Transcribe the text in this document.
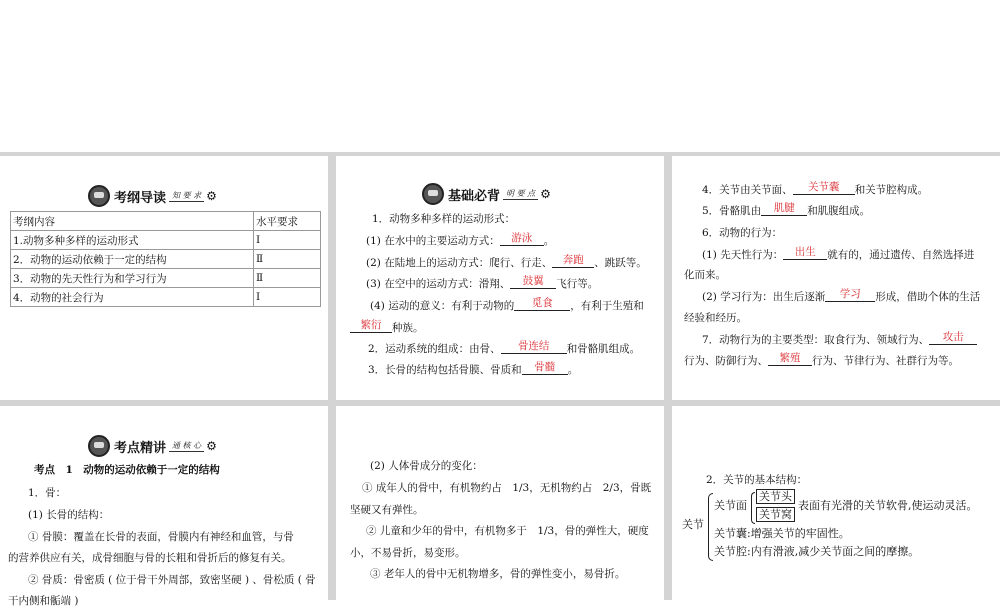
考纲导读 知 要 求 ⚙
考纲内容	水平要求
1.动物多种多样的运动形式	Ⅰ
2．动物的运动依赖于一定的结构	Ⅱ
3．动物的先天性行为和学习行为	Ⅱ
4．动物的社会行为	Ⅰ
基础必背 明 要 点 ⚙
1．动物多种多样的运动形式：
(1) 在水中的主要运动方式： 游泳 。
(2) 在陆地上的运动方式：爬行、行走、 奔跑 、跳跃等。
(3) 在空中的运动方式：滑翔、 鼓翼 飞行等。
(4) 运动的意义：有利于动物的 觅食 ，有利于生殖和
繁衍 种族。
2．运动系统的组成：由骨、 骨连结 和骨骼肌组成。
3．长骨的结构包括骨膜、骨质和 骨髓 。
4．关节由关节面、 关节囊 和关节腔构成。
5．骨骼肌由 肌腱 和肌腹组成。
6．动物的行为：
(1) 先天性行为： 出生 就有的，通过遗传、自然选择进
化而来。
(2) 学习行为：出生后逐渐 学习 形成，借助个体的生活
经验和经历。
7．动物行为的主要类型：取食行为、领域行为、 攻击
行为、防御行为、 繁殖 行为、节律行为、社群行为等。
考点精讲 通 核 心 ⚙
考点　1　动物的运动依赖于一定的结构
1．骨：
(1) 长骨的结构：
① 骨膜：覆盖在长骨的表面，骨膜内有神经和血管，与骨
的营养供应有关，成骨细胞与骨的长粗和骨折后的修复有关。
② 骨质：骨密质 ( 位于骨干外周部，致密坚硬 ) 、骨松质 ( 骨
干内侧和骺端 )
(2) 人体骨成分的变化：
① 成年人的骨中，有机物约占　1/3，无机物约占　2/3，骨既
坚硬又有弹性。
② 儿童和少年的骨中，有机物多于　1/3，骨的弹性大，硬度
小，不易骨折，易变形。
③ 老年人的骨中无机物增多，骨的弹性变小，易骨折。
2．关节的基本结构：
关节
关节面
关节头
关节窝
表面有光滑的关节软骨,使运动灵活。
关节囊:增强关节的牢固性。
关节腔:内有滑液,减少关节面之间的摩擦。
